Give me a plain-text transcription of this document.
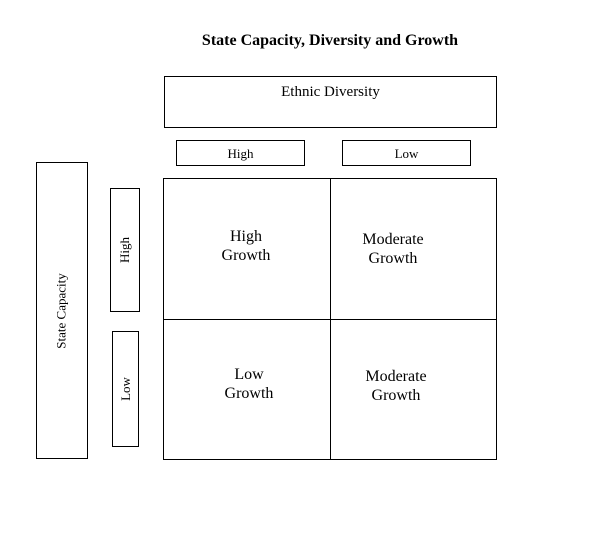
State Capacity, Diversity and Growth
Ethnic Diversity
High	Low
State Capacity
High
Low
High
Growth
Moderate
Growth
Low
Growth
Moderate
Growth
